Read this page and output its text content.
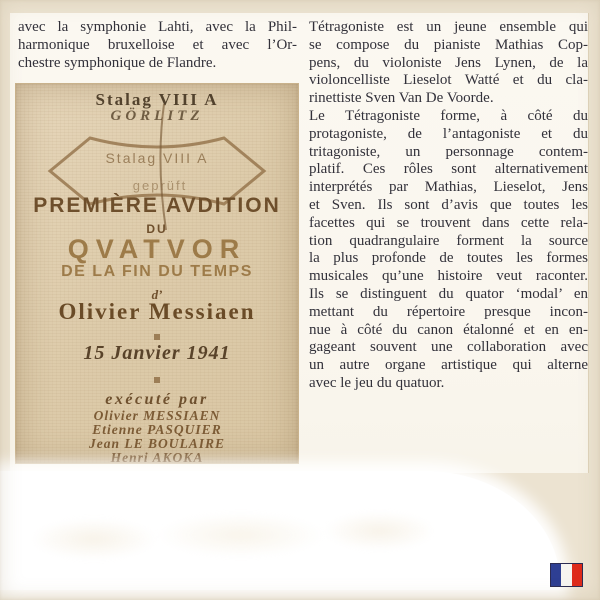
avec la symphonie Lahti, avec la Phil-
harmonique bruxelloise et avec l’Or-
chestre symphonique de Flandre.
Stalag VIII A
GÖRLITZ
Stalag VIII A
geprüft
PREMIÈRE AVDITION
DU
QVATVOR
DE LA FIN DU TEMPS
d’
Olivier Messiaen
15 Janvier 1941
exécuté par
Olivier MESSIAEN
Etienne PASQUIER
Jean LE BOULAIRE
Henri AKOKA
Tétragoniste est un jeune ensemble qui
se compose du pianiste Mathias Cop-
pens, du violoniste Jens Lynen, de la
violoncelliste Lieselot Watté et du cla-
rinettiste Sven Van De Voorde.
Le Tétragoniste forme, à côté du
protagoniste, de l’antagoniste et du
tritagoniste, un personnage contem-
platif. Ces rôles sont alternativement
interprétés par Mathias, Lieselot, Jens
et Sven. Ils sont d’avis que toutes les
facettes qui se trouvent dans cette rela-
tion quadrangulaire forment la source
la plus profonde de toutes les formes
musicales qu’une histoire veut raconter.
Ils se distinguent du quator ‘modal’ en
mettant du répertoire presque incon-
nue à côté du canon étalonné et en en-
gageant souvent une collaboration avec
un autre organe artistique qui alterne
avec le jeu du quatuor.
